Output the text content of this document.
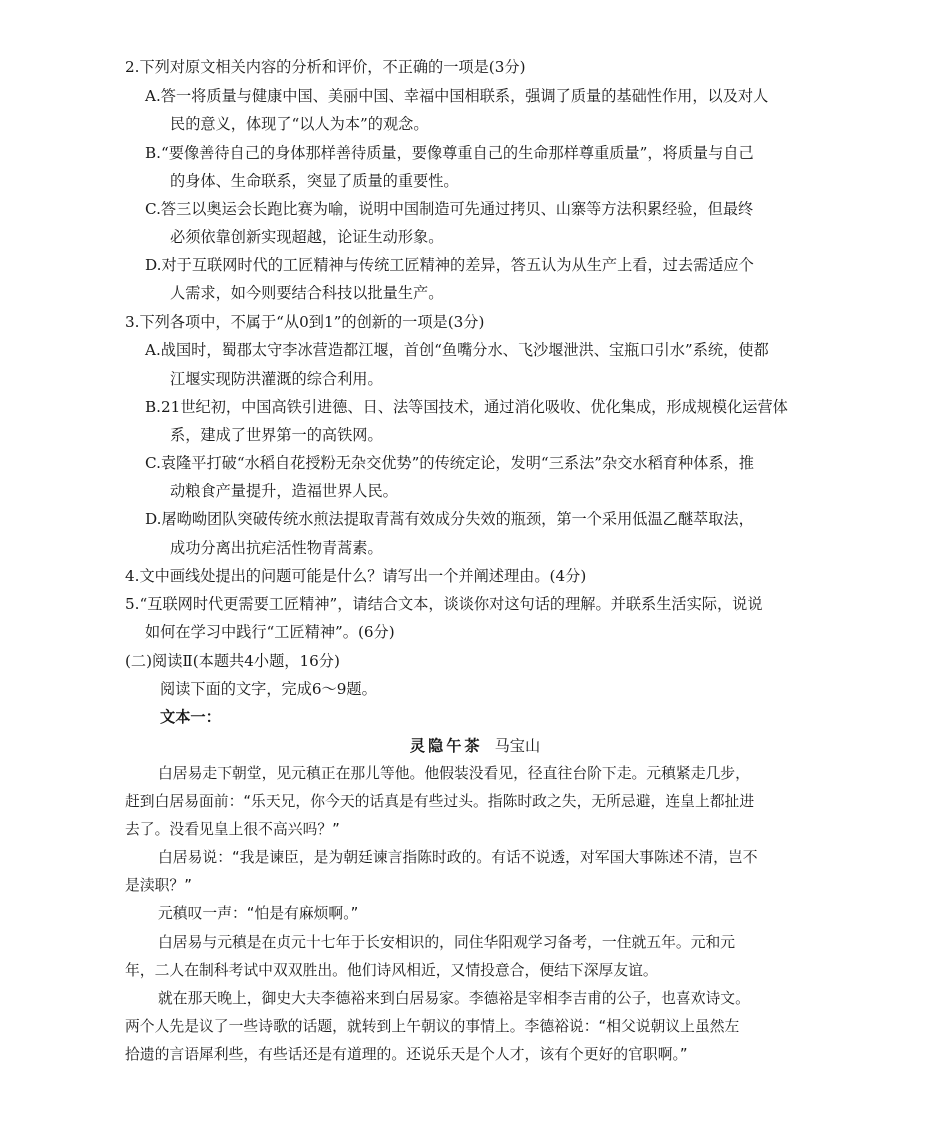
2.下列对原文相关内容的分析和评价，不正确的一项是(3分)
A.答一将质量与健康中国、美丽中国、幸福中国相联系，强调了质量的基础性作用，以及对人
民的意义，体现了“以人为本”的观念。
B.“要像善待自己的身体那样善待质量，要像尊重自己的生命那样尊重质量”，将质量与自己
的身体、生命联系，突显了质量的重要性。
C.答三以奥运会长跑比赛为喻，说明中国制造可先通过拷贝、山寨等方法积累经验，但最终
必须依靠创新实现超越，论证生动形象。
D.对于互联网时代的工匠精神与传统工匠精神的差异，答五认为从生产上看，过去需适应个
人需求，如今则要结合科技以批量生产。
3.下列各项中，不属于“从0到1”的创新的一项是(3分)
A.战国时，蜀郡太守李冰营造都江堰，首创“鱼嘴分水、飞沙堰泄洪、宝瓶口引水”系统，使都
江堰实现防洪灌溉的综合利用。
B.21世纪初，中国高铁引进德、日、法等国技术，通过消化吸收、优化集成，形成规模化运营体
系，建成了世界第一的高铁网。
C.袁隆平打破“水稻自花授粉无杂交优势”的传统定论，发明“三系法”杂交水稻育种体系，推
动粮食产量提升，造福世界人民。
D.屠呦呦团队突破传统水煎法提取青蒿有效成分失效的瓶颈，第一个采用低温乙醚萃取法，
成功分离出抗疟活性物青蒿素。
4.文中画线处提出的问题可能是什么？请写出一个并阐述理由。(4分)
5.“互联网时代更需要工匠精神”，请结合文本，谈谈你对这句话的理解。并联系生活实际，说说
如何在学习中践行“工匠精神”。(6分)
(二)阅读Ⅱ(本题共4小题，16分)
阅读下面的文字，完成6～9题。
文本一：
灵隐午茶 马宝山
白居易走下朝堂，见元稹正在那儿等他。他假装没看见，径直往台阶下走。元稹紧走几步，
赶到白居易面前：“乐天兄，你今天的话真是有些过头。指陈时政之失，无所忌避，连皇上都扯进
去了。没看见皇上很不高兴吗？”
白居易说：“我是谏臣，是为朝廷谏言指陈时政的。有话不说透，对军国大事陈述不清，岂不
是渎职？”
元稹叹一声：“怕是有麻烦啊。”
白居易与元稹是在贞元十七年于长安相识的，同住华阳观学习备考，一住就五年。元和元
年，二人在制科考试中双双胜出。他们诗风相近，又情投意合，便结下深厚友谊。
就在那天晚上，御史大夫李德裕来到白居易家。李德裕是宰相李吉甫的公子，也喜欢诗文。
两个人先是议了一些诗歌的话题，就转到上午朝议的事情上。李德裕说：“相父说朝议上虽然左
拾遗的言语犀利些，有些话还是有道理的。还说乐天是个人才，该有个更好的官职啊。”
